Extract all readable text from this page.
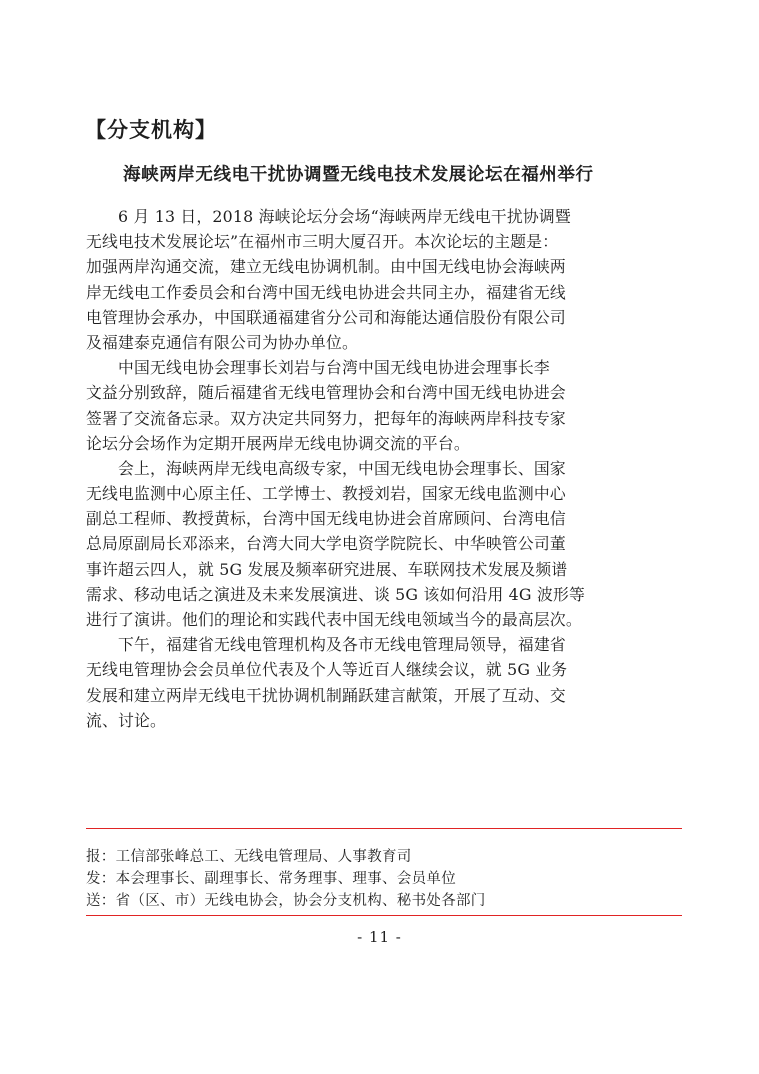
【分支机构】
海峡两岸无线电干扰协调暨无线电技术发展论坛在福州举行
6 月 13 日，2018 海峡论坛分会场“海峡两岸无线电干扰协调暨
无线电技术发展论坛”在福州市三明大厦召开。本次论坛的主题是：
加强两岸沟通交流，建立无线电协调机制。由中国无线电协会海峡两
岸无线电工作委员会和台湾中国无线电协进会共同主办，福建省无线
电管理协会承办，中国联通福建省分公司和海能达通信股份有限公司
及福建泰克通信有限公司为协办单位。
中国无线电协会理事长刘岩与台湾中国无线电协进会理事长李
文益分别致辞，随后福建省无线电管理协会和台湾中国无线电协进会
签署了交流备忘录。双方决定共同努力，把每年的海峡两岸科技专家
论坛分会场作为定期开展两岸无线电协调交流的平台。
会上，海峡两岸无线电高级专家，中国无线电协会理事长、国家
无线电监测中心原主任、工学博士、教授刘岩，国家无线电监测中心
副总工程师、教授黄标，台湾中国无线电协进会首席顾问、台湾电信
总局原副局长邓添来，台湾大同大学电资学院院长、中华映管公司董
事许超云四人，就 5G 发展及频率研究进展、车联网技术发展及频谱
需求、移动电话之演进及未来发展演进、谈 5G 该如何沿用 4G 波形等
进行了演讲。他们的理论和实践代表中国无线电领域当今的最高层次。
下午，福建省无线电管理机构及各市无线电管理局领导，福建省
无线电管理协会会员单位代表及个人等近百人继续会议，就 5G 业务
发展和建立两岸无线电干扰协调机制踊跃建言献策，开展了互动、交
流、讨论。
报：工信部张峰总工、无线电管理局、人事教育司
发：本会理事长、副理事长、常务理事、理事、会员单位
送：省（区、市）无线电协会，协会分支机构、秘书处各部门
- 11 -
